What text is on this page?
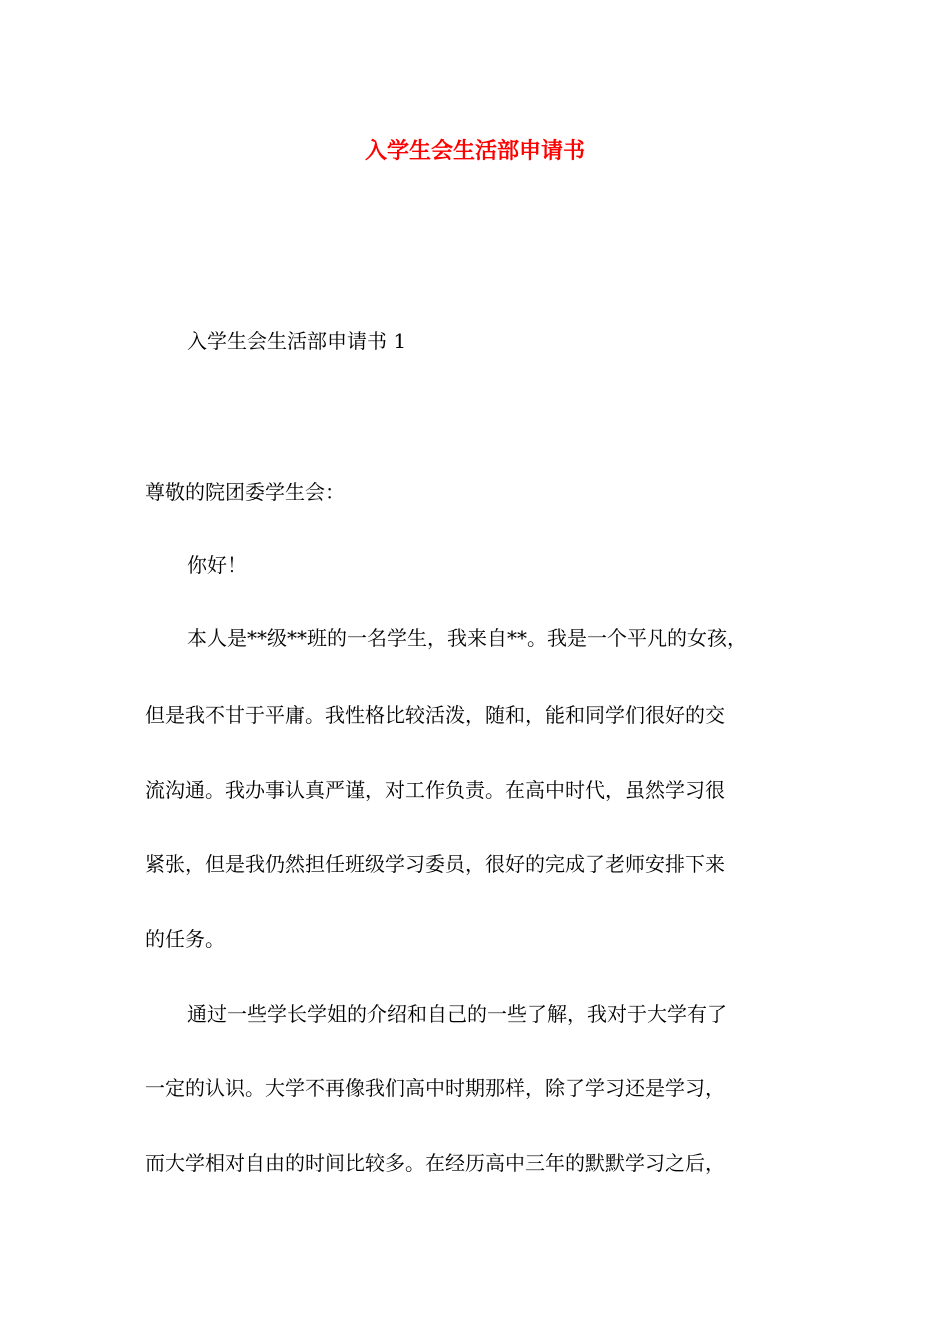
入学生会生活部申请书
入学生会生活部申请书 1
尊敬的院团委学生会：
你好！
本人是**级**班的一名学生，我来自**。我是一个平凡的女孩，
但是我不甘于平庸。我性格比较活泼，随和，能和同学们很好的交
流沟通。我办事认真严谨，对工作负责。在高中时代，虽然学习很
紧张，但是我仍然担任班级学习委员，很好的完成了老师安排下来
的任务。
通过一些学长学姐的介绍和自己的一些了解，我对于大学有了
一定的认识。大学不再像我们高中时期那样，除了学习还是学习，
而大学相对自由的时间比较多。在经历高中三年的默默学习之后，
